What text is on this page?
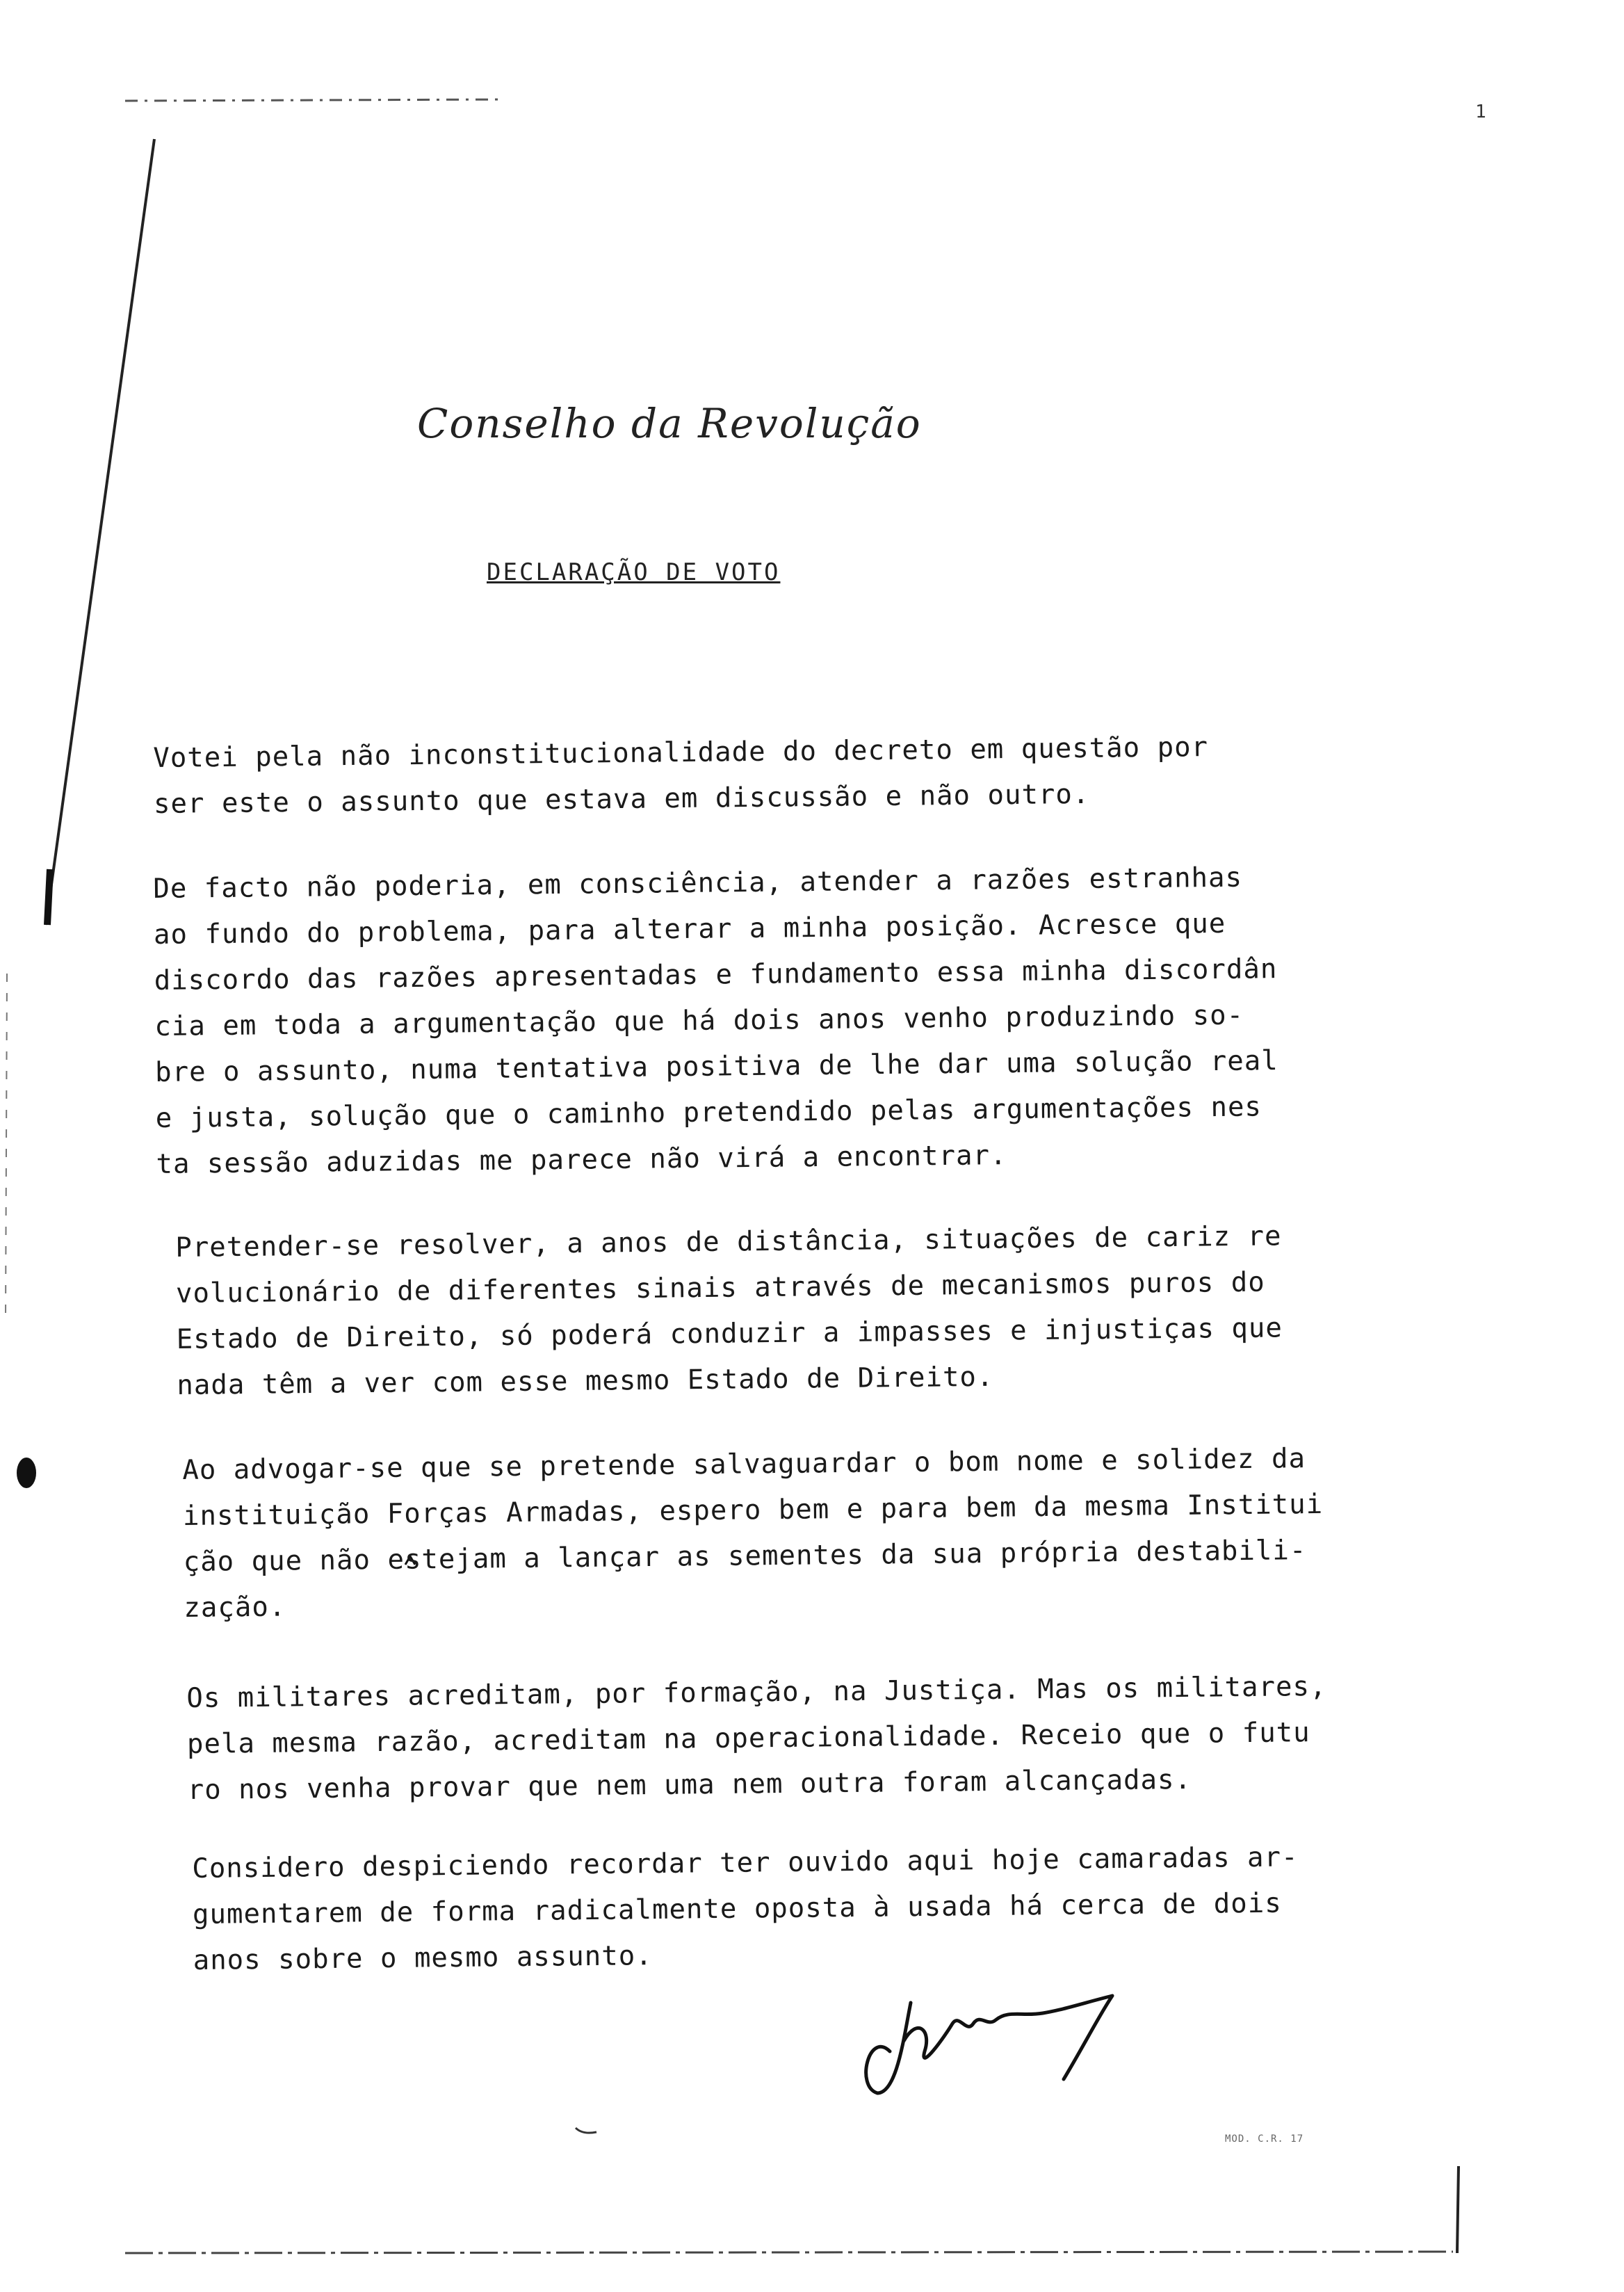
1
Conselho da Revolução
DECLARAÇÃO DE VOTO
Votei pela não inconstitucionalidade do decreto em questão por
ser este o assunto que estava em discussão e não outro.
De facto não poderia, em consciência, atender a razões estranhas
ao fundo do problema, para alterar a minha posição. Acresce que
discordo das razões apresentadas e fundamento essa minha discordân
cia em toda a argumentação que há dois anos venho produzindo so-
bre o assunto, numa tentativa positiva de lhe dar uma solução real
e justa, solução que o caminho pretendido pelas argumentações nes
ta sessão aduzidas me parece não virá a encontrar.
Pretender-se resolver, a anos de distância, situações de cariz re
volucionário de diferentes sinais através de mecanismos puros do
Estado de Direito, só poderá conduzir a impasses e injustiças que
nada têm a ver com esse mesmo Estado de Direito.
Ao advogar-se que se pretende salvaguardar o bom nome e solidez da
instituição Forças Armadas, espero bem e para bem da mesma Institui
ção que não estejam a lançar as sementes da sua própria destabili-
zação.
Os militares acreditam, por formação, na Justiça. Mas os militares,
pela mesma razão, acreditam na operacionalidade. Receio que o futu
ro nos venha provar que nem uma nem outra foram alcançadas.
Considero despiciendo recordar ter ouvido aqui hoje camaradas ar-
gumentarem de forma radicalmente oposta à usada há cerca de dois
anos sobre o mesmo assunto.
MOD. C.R. 17
